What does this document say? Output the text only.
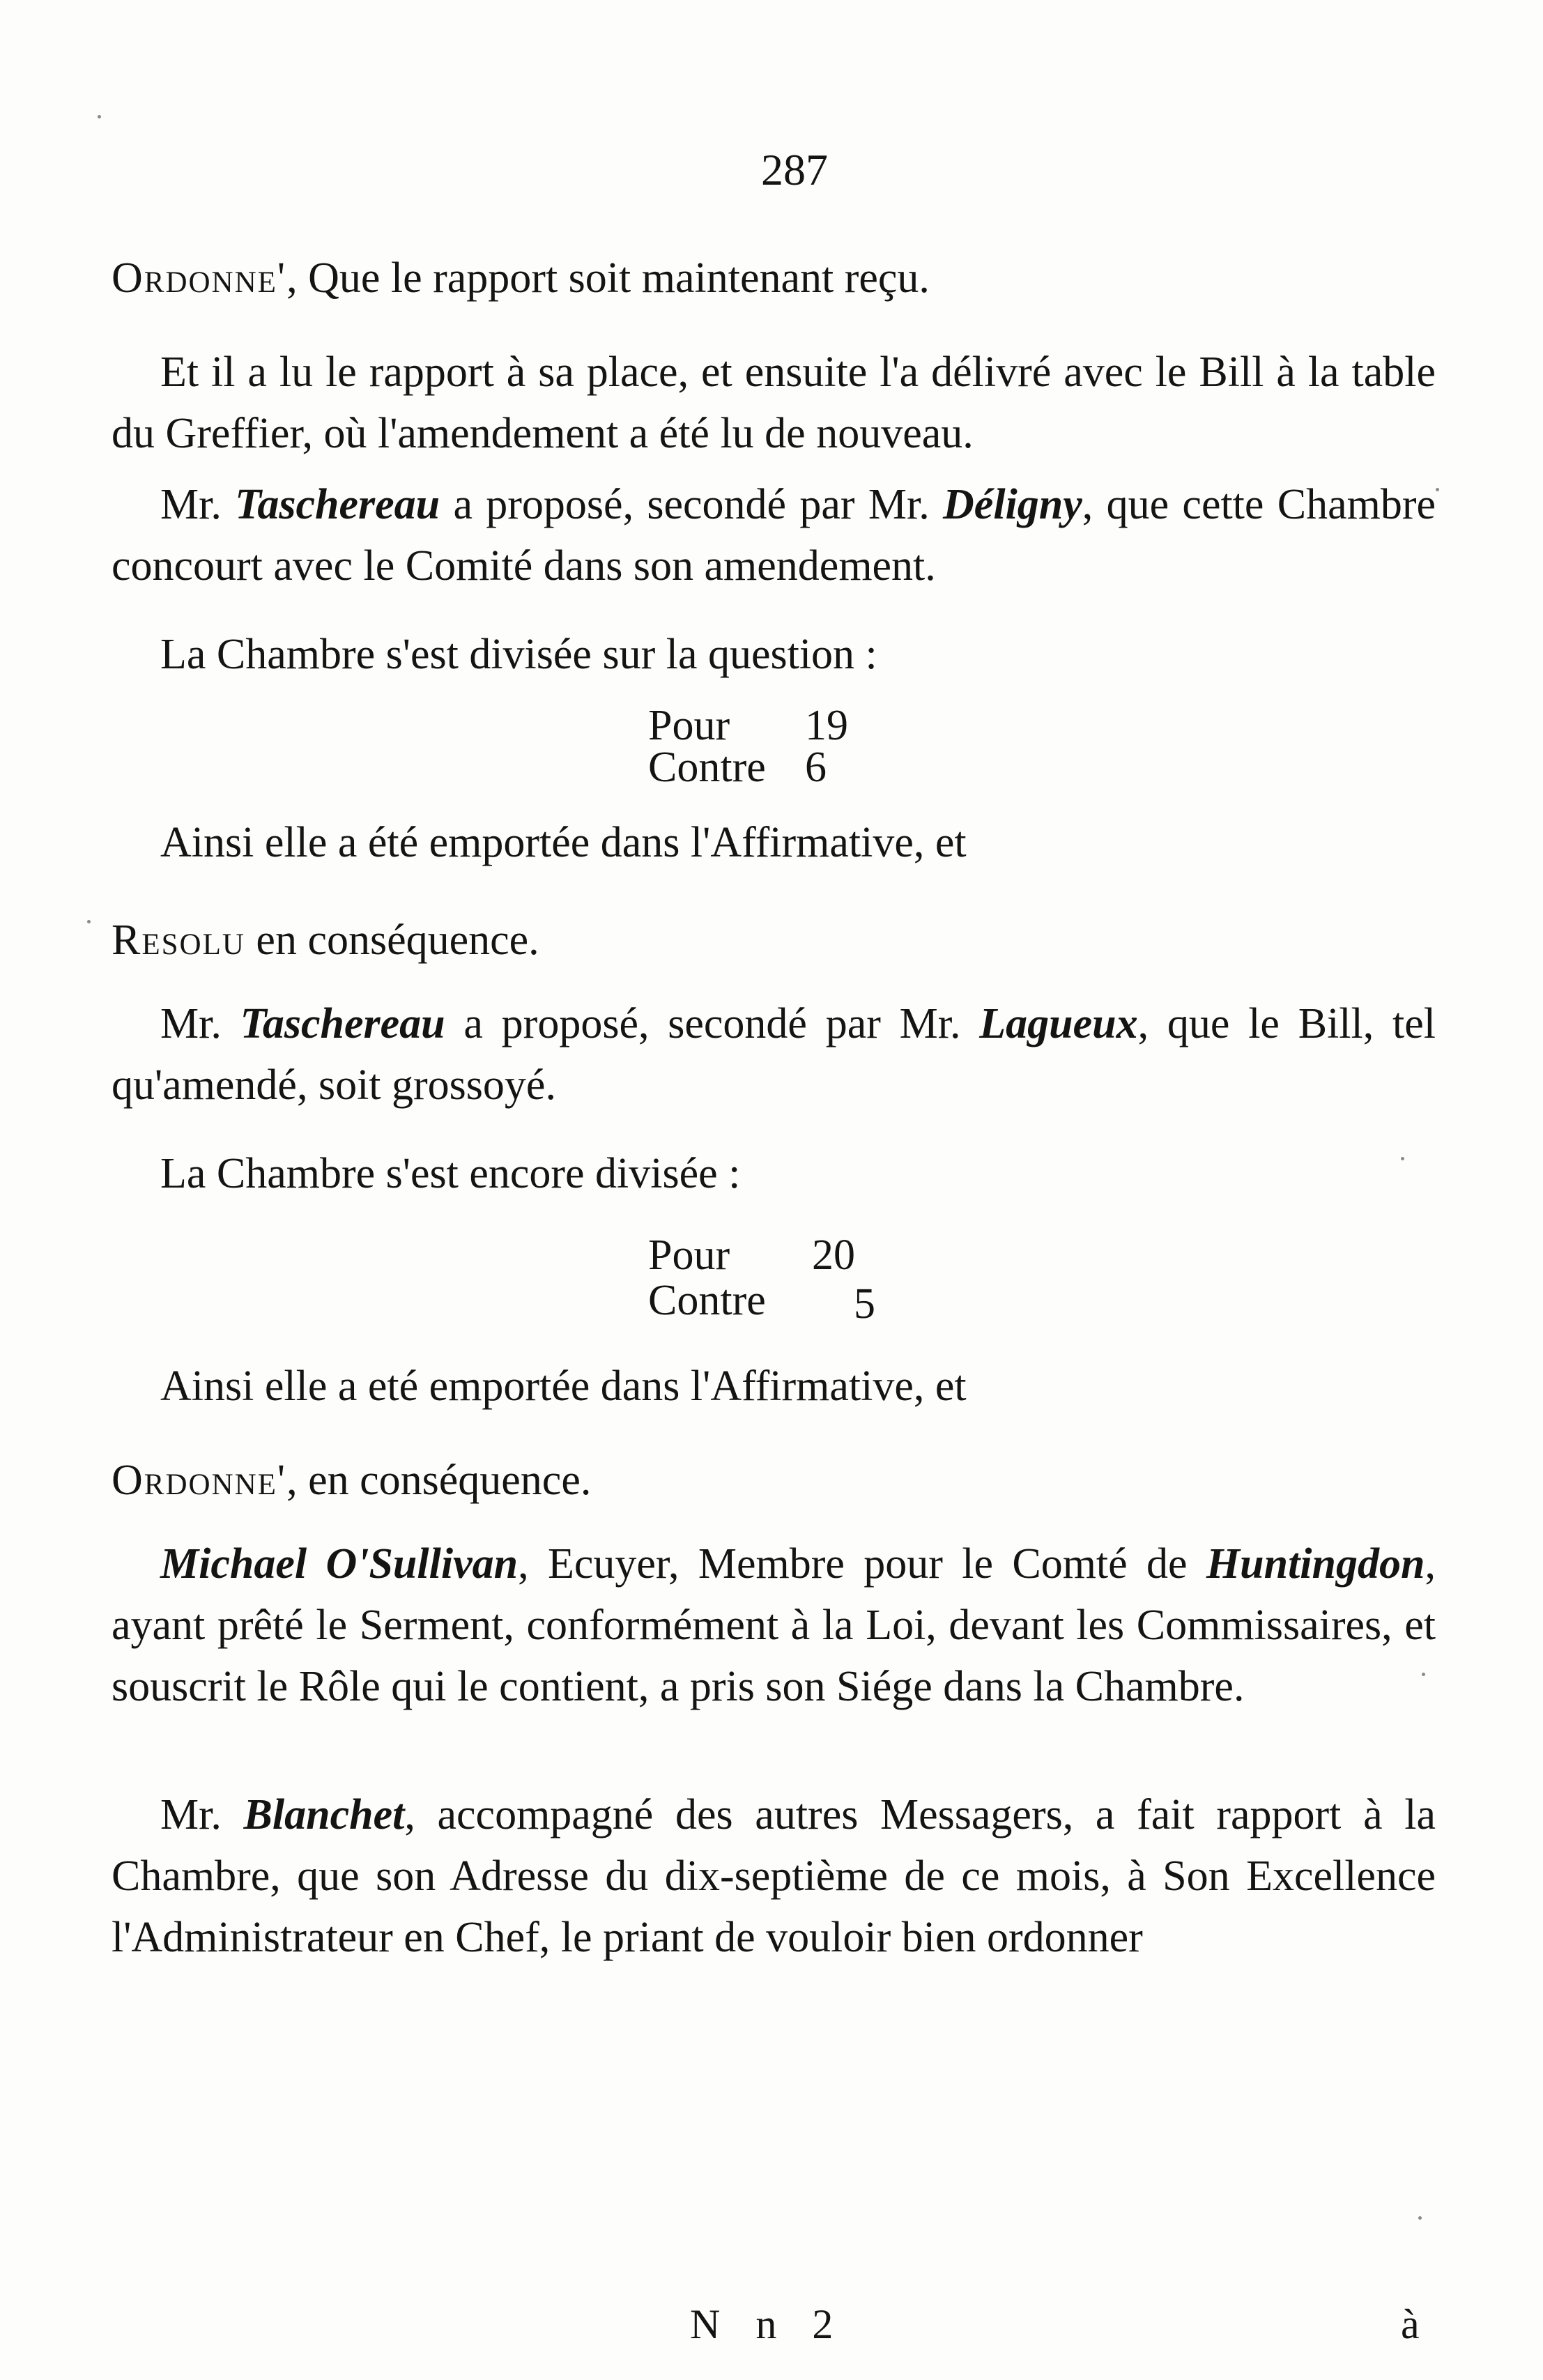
287

Ordonne', Que le rapport soit maintenant reçu.

Et il a lu le rapport à sa place, et ensuite l'a délivré avec le Bill à la table du Greffier, où l'amendement a été lu de nouveau.

Mr. Taschereau a proposé, secondé par Mr. Déligny, que cette Chambre concourt avec le Comité dans son amendement.

La Chambre s'est divisée sur la question :

Pour 19
Contre 6

Ainsi elle a été emportée dans l'Affirmative, et

Resolu en conséquence.

Mr. Taschereau a proposé, secondé par Mr. Lagueux, que le Bill, tel qu'amendé, soit grossoyé.

La Chambre s'est encore divisée :

Pour 20
Contre 5

Ainsi elle a eté emportée dans l'Affirmative, et

Ordonne', en conséquence.

Michael O'Sullivan, Ecuyer, Membre pour le Comté de Huntingdon, ayant prêté le Serment, conformément à la Loi, devant les Commissaires, et souscrit le Rôle qui le contient, a pris son Siége dans la Chambre.

Mr. Blanchet, accompagné des autres Messagers, a fait rapport à la Chambre, que son Adresse du dix-septième de ce mois, à Son Excellence l'Administrateur en Chef, le priant de vouloir bien ordonner

N n 2	à
